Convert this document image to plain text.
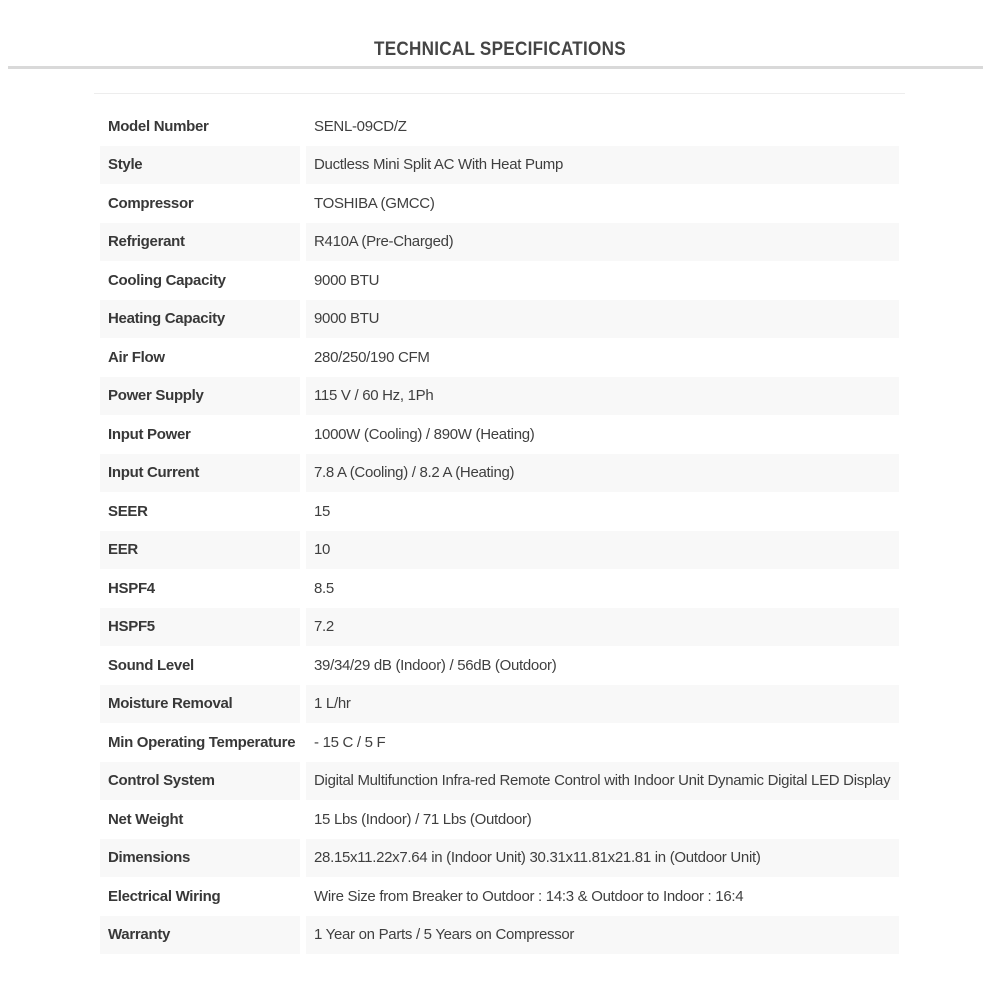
TECHNICAL SPECIFICATIONS
Model Number	SENL-09CD/Z
Style	Ductless Mini Split AC With Heat Pump
Compressor	TOSHIBA (GMCC)
Refrigerant	R410A (Pre-Charged)
Cooling Capacity	9000 BTU
Heating Capacity	9000 BTU
Air Flow	280/250/190 CFM
Power Supply	115 V / 60 Hz, 1Ph
Input Power	1000W (Cooling) / 890W (Heating)
Input Current	7.8 A (Cooling) / 8.2 A (Heating)
SEER	15
EER	10
HSPF4	8.5
HSPF5	7.2
Sound Level	39/34/29 dB (Indoor) / 56dB (Outdoor)
Moisture Removal	1 L/hr
Min Operating Temperature	- 15 C / 5 F
Control System	Digital Multifunction Infra-red Remote Control with Indoor Unit Dynamic Digital LED Display
Net Weight	15 Lbs (Indoor) / 71 Lbs (Outdoor)
Dimensions	28.15x11.22x7.64 in (Indoor Unit) 30.31x11.81x21.81 in (Outdoor Unit)
Electrical Wiring	Wire Size from Breaker to Outdoor : 14:3 & Outdoor to Indoor : 16:4
Warranty	1 Year on Parts / 5 Years on Compressor
